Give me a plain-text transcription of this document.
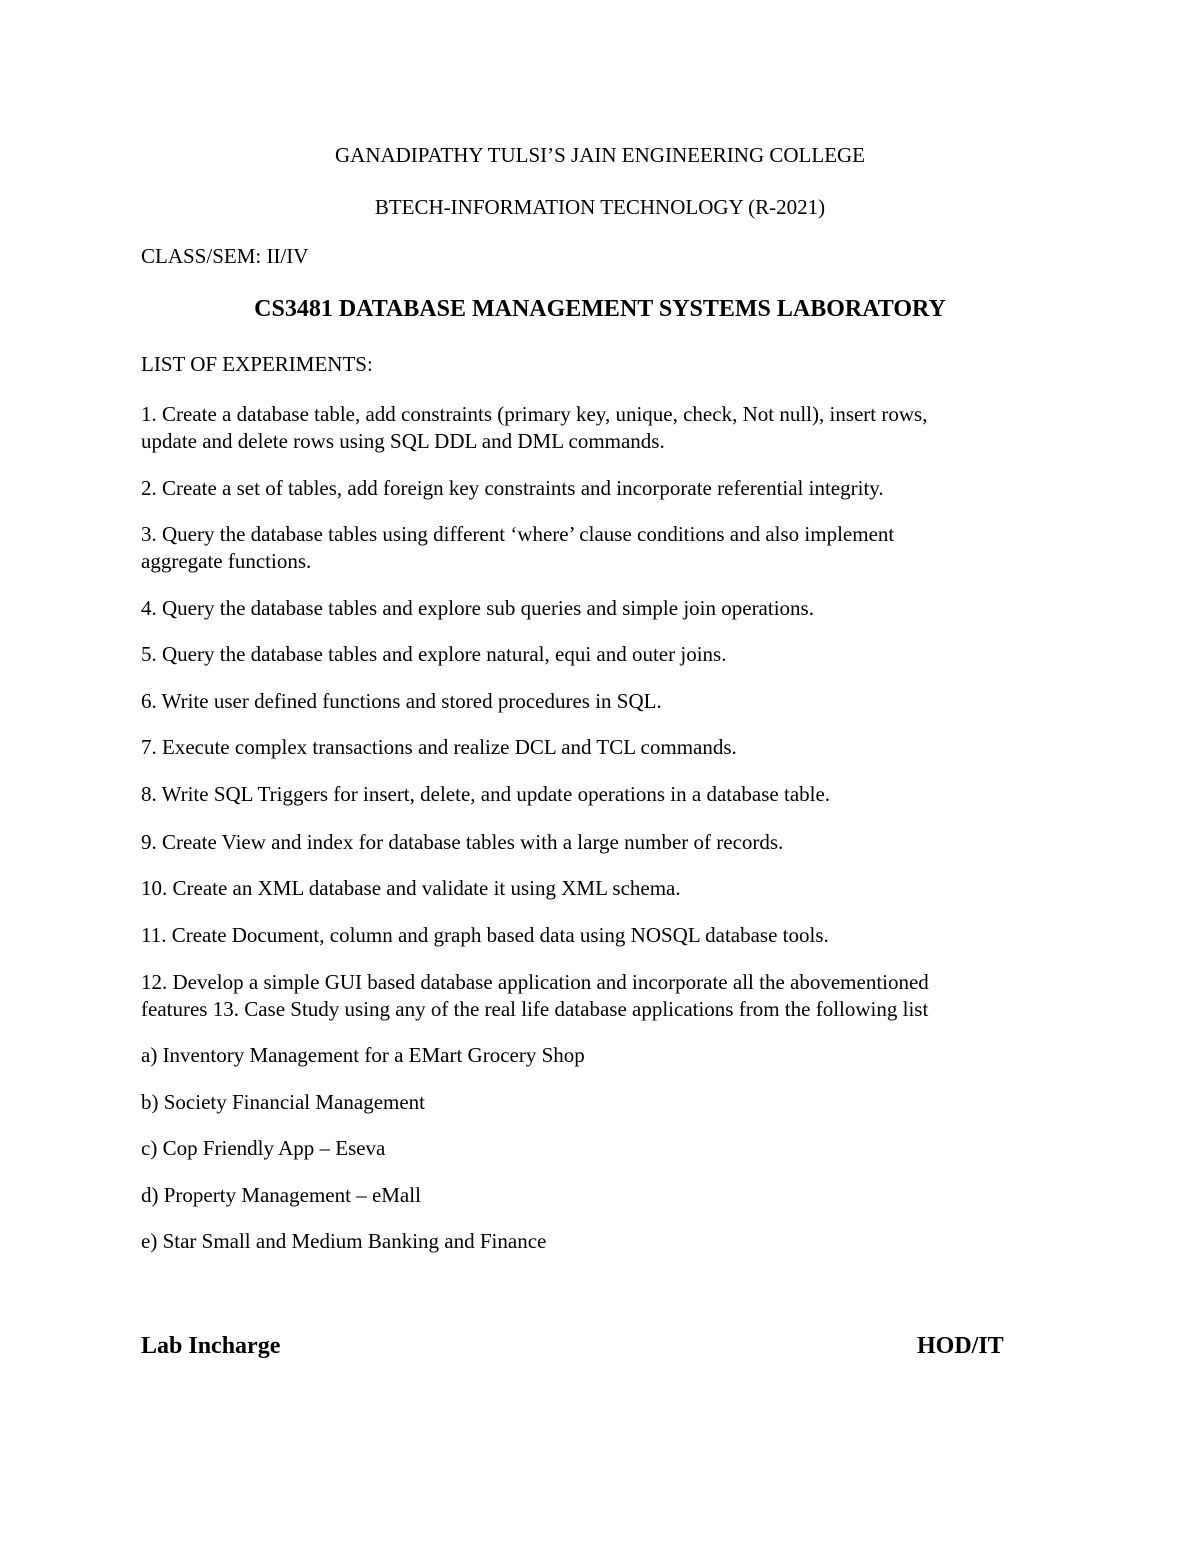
GANADIPATHY TULSI’S JAIN ENGINEERING COLLEGE
BTECH-INFORMATION TECHNOLOGY (R-2021)
CLASS/SEM: II/IV
CS3481 DATABASE MANAGEMENT SYSTEMS LABORATORY
LIST OF EXPERIMENTS:
1. Create a database table, add constraints (primary key, unique, check, Not null), insert rows,
update and delete rows using SQL DDL and DML commands.
2. Create a set of tables, add foreign key constraints and incorporate referential integrity.
3. Query the database tables using different ‘where’ clause conditions and also implement
aggregate functions.
4. Query the database tables and explore sub queries and simple join operations.
5. Query the database tables and explore natural, equi and outer joins.
6. Write user defined functions and stored procedures in SQL.
7. Execute complex transactions and realize DCL and TCL commands.
8. Write SQL Triggers for insert, delete, and update operations in a database table.
9. Create View and index for database tables with a large number of records.
10. Create an XML database and validate it using XML schema.
11. Create Document, column and graph based data using NOSQL database tools.
12. Develop a simple GUI based database application and incorporate all the abovementioned
features 13. Case Study using any of the real life database applications from the following list
a) Inventory Management for a EMart Grocery Shop
b) Society Financial Management
c) Cop Friendly App – Eseva
d) Property Management – eMall
e) Star Small and Medium Banking and Finance
Lab Incharge	HOD/IT
